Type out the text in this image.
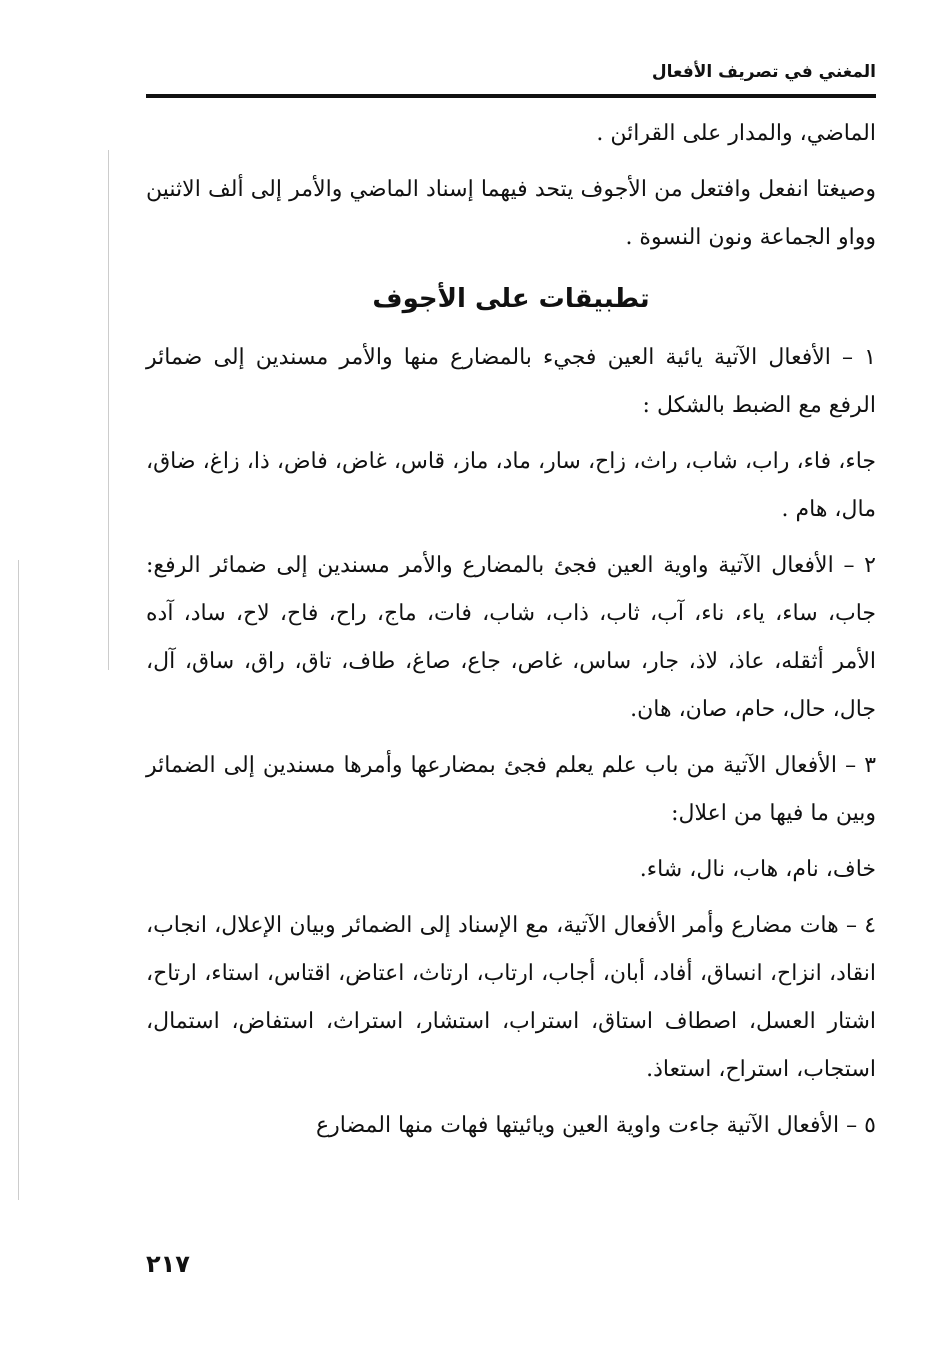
المغني في تصريف الأفعال

الماضي، والمدار على القرائن .

وصيغتا انفعل وافتعل من الأجوف يتحد فيهما إسناد الماضي والأمر إلى ألف الاثنين وواو الجماعة ونون النسوة .

تطبيقات على الأجوف

١ – الأفعال الآتية يائية العين فجيء بالمضارع منها والأمر مسندين إلى ضمائر الرفع مع الضبط بالشكل :

جاء، فاء، راب، شاب، راث، زاح، سار، ماد، ماز، قاس، غاض، فاض، ذا، زاغ، ضاق، مال، هام .

٢ – الأفعال الآتية واوية العين فجئ بالمضارع والأمر مسندين إلى ضمائر الرفع: جاب، ساء، ياء، ناء، آب، ثاب، ذاب، شاب، فات، ماج، راح، فاح، لاح، ساد، آده الأمر أثقله، عاذ، لاذ، جار، ساس، غاص، جاع، صاغ، طاف، تاق، راق، ساق، آل، جال، حال، حام، صان، هان.

٣ – الأفعال الآتية من باب علم يعلم فجئ بمضارعها وأمرها مسندين إلى الضمائر وبين ما فيها من اعلال:

خاف، نام، هاب، نال، شاء.

٤ – هات مضارع وأمر الأفعال الآتية، مع الإسناد إلى الضمائر وبيان الإعلال، انجاب، انقاد، انزاح، انساق، أفاد، أبان، أجاب، ارتاب، ارتاث، اعتاض، اقتاس، استاء، ارتاح، اشتار العسل، اصطاف استاق، استراب، استشار، استراث، استفاض، استمال، استجاب، استراح، استعاذ.

٥ – الأفعال الآتية جاءت واوية العين ويائيتها فهات منها المضارع

٢١٧
